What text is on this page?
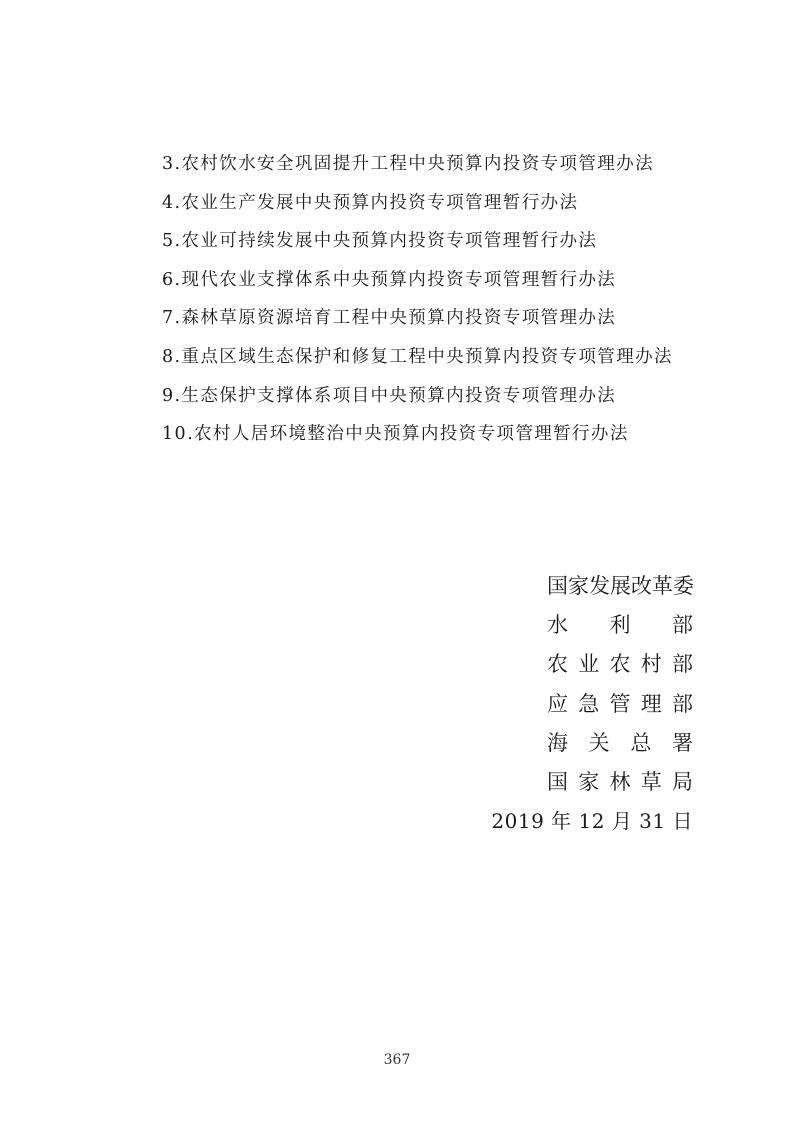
3.农村饮水安全巩固提升工程中央预算内投资专项管理办法
4.农业生产发展中央预算内投资专项管理暂行办法
5.农业可持续发展中央预算内投资专项管理暂行办法
6.现代农业支撑体系中央预算内投资专项管理暂行办法
7.森林草原资源培育工程中央预算内投资专项管理办法
8.重点区域生态保护和修复工程中央预算内投资专项管理办法
9.生态保护支撑体系项目中央预算内投资专项管理办法
10.农村人居环境整治中央预算内投资专项管理暂行办法
国 家 发 展 改 革 委
水 利 部
农 业 农 村 部
应 急 管 理 部
海 关 总 署
国 家 林 草 局
2019 年 12 月 31 日
367
